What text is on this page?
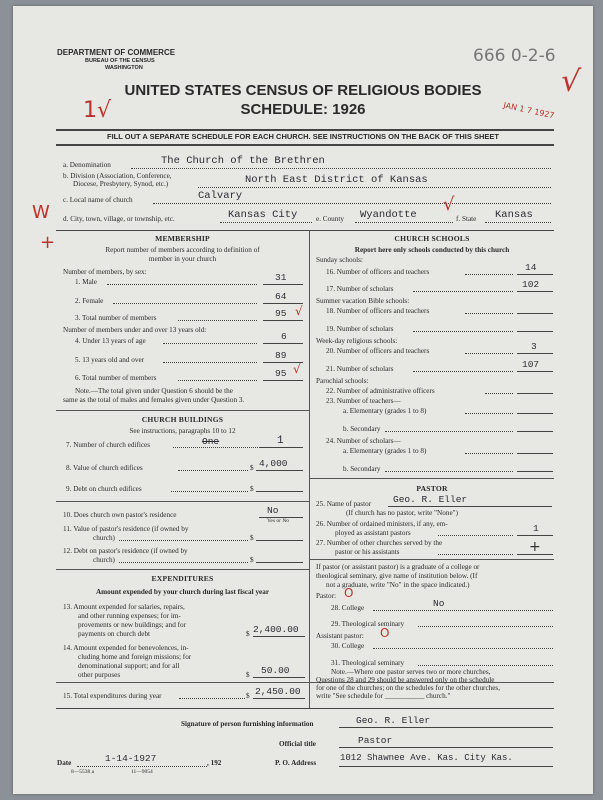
DEPARTMENT OF COMMERCE
BUREAU OF THE CENSUS
WASHINGTON
666 0-2-6
JAN 1 7 1927
√
UNITED STATES CENSUS OF RELIGIOUS BODIES
SCHEDULE: 1926
1√
FILL OUT A SEPARATE SCHEDULE FOR EACH CHURCH. SEE INSTRUCTIONS ON THE BACK OF THIS SHEET
a. Denomination	The Church of the Brethren
b. Division (Association, Conference,
Diocese, Presbytery, Synod, etc.)	North East District of Kansas
c. Local name of church	Calvary
W d. City, town, village, or township, etc.	Kansas City	e. County Wyandotte √
f. State Kansas
+	MEMBERSHIP
Report number of members according to definition of
member in your church
Number of members, by sex:
1. Male	31
2. Female	64
3. Total number of members	95 √
Number of members under and over 13 years old:
4. Under 13 years of age	6
5. 13 years old and over	89
6. Total number of members	95 √
Note.—The total given under Question 6 should be the
same as the total of males and females given under Question 3.
CHURCH BUILDINGS
See instructions, paragraphs 10 to 12
7. Number of church edifices	One	1
8. Value of church edifices	$ 4,000
9. Debt on church edifices	$
10. Does church own pastor's residence	No
Yes or No
11. Value of pastor's residence (if owned by
church)	$
12. Debt on pastor's residence (if owned by
church)	$
EXPENDITURES
Amount expended by your church during last fiscal year
13. Amount expended for salaries, repairs,
and other running expenses; for im-
provements or new buildings; and for
payments on church debt	$ 2,400.00
14. Amount expended for benevolences, in-
cluding home and foreign missions; for
denominational support; and for all
other purposes	$ 50.00
15. Total expenditures during year	$ 2,450.00
CHURCH SCHOOLS
Report here only schools conducted by this church
Sunday schools:
16. Number of officers and teachers	14
17. Number of scholars	102
Summer vacation Bible schools:
18. Number of officers and teachers
19. Number of scholars
Week-day religious schools:
20. Number of officers and teachers	3
21. Number of scholars	107
Parochial schools:
22. Number of administrative officers
23. Number of teachers—
a. Elementary (grades 1 to 8)
b. Secondary
24. Number of scholars—
a. Elementary (grades 1 to 8)
b. Secondary
PASTOR
25. Name of pastor Geo. R. Eller
(If church has no pastor, write "None")
26. Number of ordained ministers, if any, em-
ployed as assistant pastors	1
27. Number of other churches served by the
pastor or his assistants	+
If pastor (or assistant pastor) is a graduate of a college or
theological seminary, give name of institution below. (If
not a graduate, write "No" in the space indicated.)
Pastor: O
28. College	No
29. Theological seminary
Assistant pastor: O
30. College
31. Theological seminary
Note.—Where one pastor serves two or more churches,
Questions 28 and 29 should be answered only on the schedule
for one of the churches; on the schedules for the other churches,
write "See schedule for ___________ church."
Signature of person furnishing information	Geo. R. Eller
Official title	Pastor
Date	1-14-1927	, 192
8—5538 a	11—9054
P. O. Address	1012 Shawnee Ave. Kas. City Kas.
